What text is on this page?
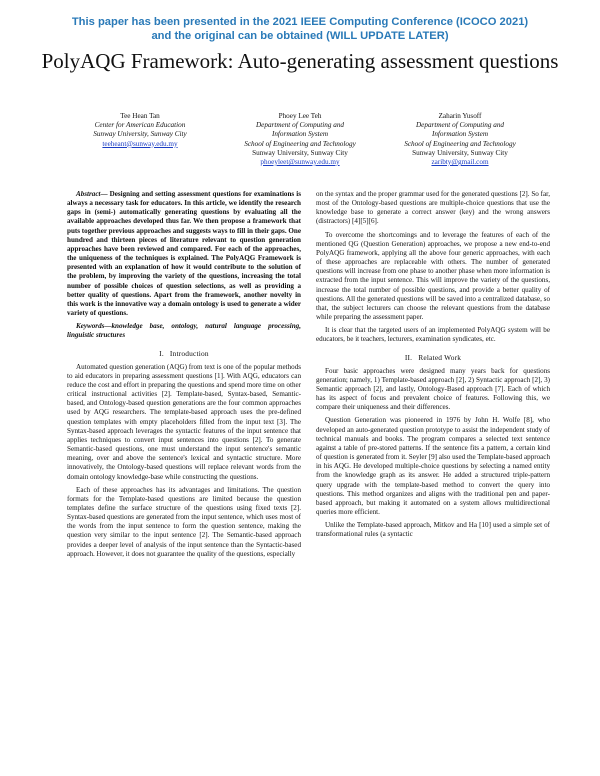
This paper has been presented in the 2021 IEEE Computing Conference (ICOCO 2021)
and the original can be obtained (WILL UPDATE LATER)
PolyAQG Framework: Auto-generating assessment questions
Tee Hean Tan
Center for American Education
Sunway University, Sunway City
teeheant@sunway.edu.my
Phoey Lee Teh
Department of Computing and
Information System
School of Engineering and Technology
Sunway University, Sunway City
phoeyleet@sunway.edu.my
Zaharin Yusoff
Department of Computing and
Information System
School of Engineering and Technology
Sunway University, Sunway City
zaribty@gmail.com

Abstract— Designing and setting assessment questions for examinations is always a necessary task for educators. In this article, we identify the research gaps in (semi-) automatically generating questions by evaluating all the available approaches developed thus far. We then propose a framework that puts together previous approaches and suggests ways to fill in their gaps. One hundred and thirteen pieces of literature relevant to question generation approaches have been reviewed and compared. For each of the approaches, the uniqueness of the techniques is explained. The PolyAQG Framework is presented with an explanation of how it would contribute to the solution of the problem, by improving the variety of the questions, increasing the total number of possible choices of question selections, as well as providing a better quality of questions. Apart from the framework, another novelty in this work is the innovative way a domain ontology is used to generate a wider variety of questions.

Keywords—knowledge base, ontology, natural language processing, linguistic structures

I. Introduction

Automated question generation (AQG) from text is one of the popular methods to aid educators in preparing assessment questions [1]. With AQG, educators can reduce the cost and effort in preparing the questions and spend more time on other critical instructional activities [2]. Template-based, Syntax-based, Semantic-based, and Ontology-based question generations are the four common approaches used by AQG researchers. The template-based approach uses the pre-defined question templates with empty placeholders filled from the input text [3]. The Syntax-based approach leverages the syntactic features of the input sentence that applies techniques to convert input sentences into questions [2]. To generate Semantic-based questions, one must understand the input sentence's semantic meaning, over and above the sentence's lexical and syntactic structure. More innovatively, the Ontology-based questions will replace relevant words from the domain ontology knowledge-base while constructing the questions.

Each of these approaches has its advantages and limitations. The question formats for the Template-based questions are limited because the question templates define the surface structure of the questions using fixed texts [2]. Syntax-based questions are generated from the input sentence, which uses most of the words from the input sentence to form the question sentence, making the question very similar to the input sentence [2]. The Semantic-based approach provides a deeper level of analysis of the input sentence than the Syntactic-based approach. However, it does not guarantee the quality of the questions, especially

on the syntax and the proper grammar used for the generated questions [2]. So far, most of the Ontology-based questions are multiple-choice questions that use the knowledge base to generate a correct answer (key) and the wrong answers (distractors) [4][5][6].

To overcome the shortcomings and to leverage the features of each of the mentioned QG (Question Generation) approaches, we propose a new end-to-end PolyAQG framework, applying all the above four generic approaches, with each of these approaches are replaceable with others. The number of generated questions will increase from one phase to another phase when more information is extracted from the input sentence. This will improve the variety of the questions, increase the total number of possible questions, and provide a better quality of questions. All the generated questions will be saved into a centralized database, so that, the subject lecturers can choose the relevant questions from the database while preparing the assessment paper.

It is clear that the targeted users of an implemented PolyAQG system will be educators, be it teachers, lecturers, examination syndicates, etc.

II. Related Work

Four basic approaches were designed many years back for questions generation; namely, 1) Template-based approach [2], 2) Syntactic approach [2], 3) Semantic approach [2], and lastly, Ontology-Based approach [7]. Each of which has its aspect of focus and prevalent choice of features. Following this, we compare their uniqueness and their differences.

Question Generation was pioneered in 1976 by John H. Wolfe [8], who developed an auto-generated question prototype to assist the independent study of technical manuals and books. The program compares a selected text sentence against a table of pre-stored patterns. If the sentence fits a pattern, a certain kind of question is generated from it. Seyler [9] also used the Template-based approach in his AQG. He developed multiple-choice questions by selecting a named entity from the knowledge graph as its answer. He added a structured triple-pattern query upgrade with the template-based method to convert the query into questions. This method organizes and aligns with the traditional pen and paper-based approach, but making it automated on a system allows multidirectional queries more efficient.

Unlike the Template-based approach, Mitkov and Ha [10] used a simple set of transformational rules (a syntactic
